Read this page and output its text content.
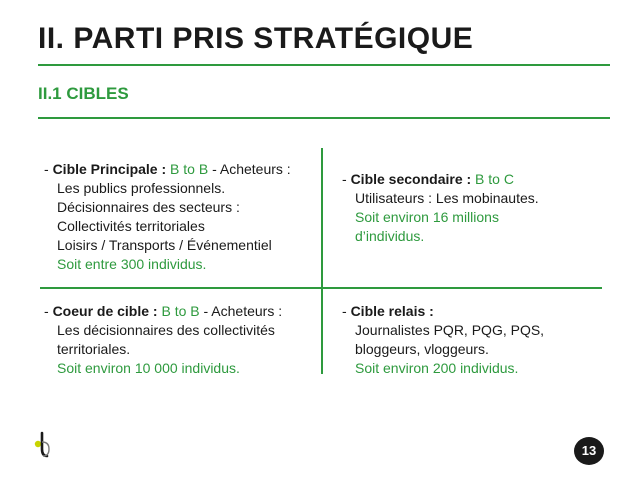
II. PARTI PRIS STRATÉGIQUE
II.1 CIBLES
- Cible Principale : B to B - Acheteurs :
Les publics professionnels.
Décisionnaires des secteurs :
Collectivités territoriales
Loisirs / Transports / Événementiel
Soit entre 300 individus.
- Cible secondaire : B to C
Utilisateurs : Les mobinautes.
Soit environ 16 millions
d’individus.
- Coeur de cible : B to B - Acheteurs :
Les décisionnaires des collectivités
territoriales.
Soit environ 10 000 individus.
- Cible relais :
Journalistes PQR, PQG, PQS,
bloggeurs, vloggeurs.
Soit environ 200 individus.
13
